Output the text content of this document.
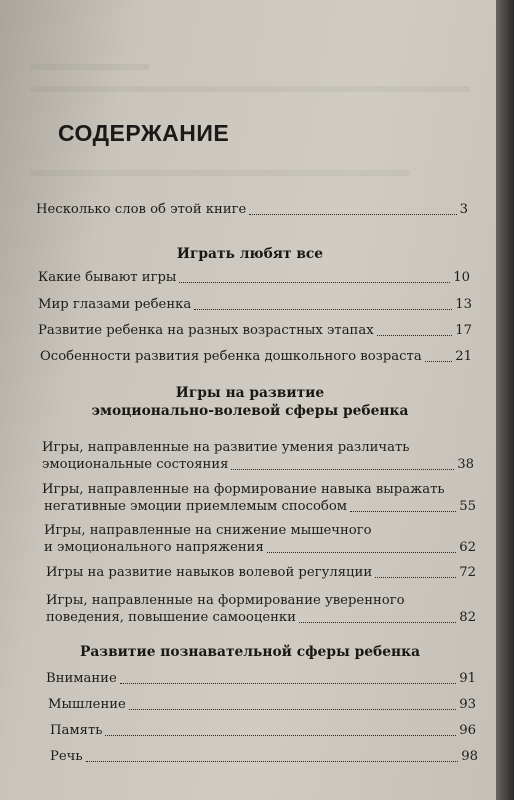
СОДЕРЖАНИЕ
Несколько слов об этой книге	3
Играть любят все
Какие бывают игры	10
Мир глазами ребенка	13
Развитие ребенка на разных возрастных этапах	17
Особенности развития ребенка дошкольного возраста	21
Игры на развитие
эмоционально-волевой сферы ребенка
Игры, направленные на развитие умения различать
эмоциональные состояния	38
Игры, направленные на формирование навыка выражать
негативные эмоции приемлемым способом	55
Игры, направленные на снижение мышечного
и эмоционального напряжения	62
Игры на развитие навыков волевой регуляции	72
Игры, направленные на формирование уверенного
поведения, повышение самооценки	82
Развитие познавательной сферы ребенка
Внимание	91
Мышление	93
Память	96
Речь	98
